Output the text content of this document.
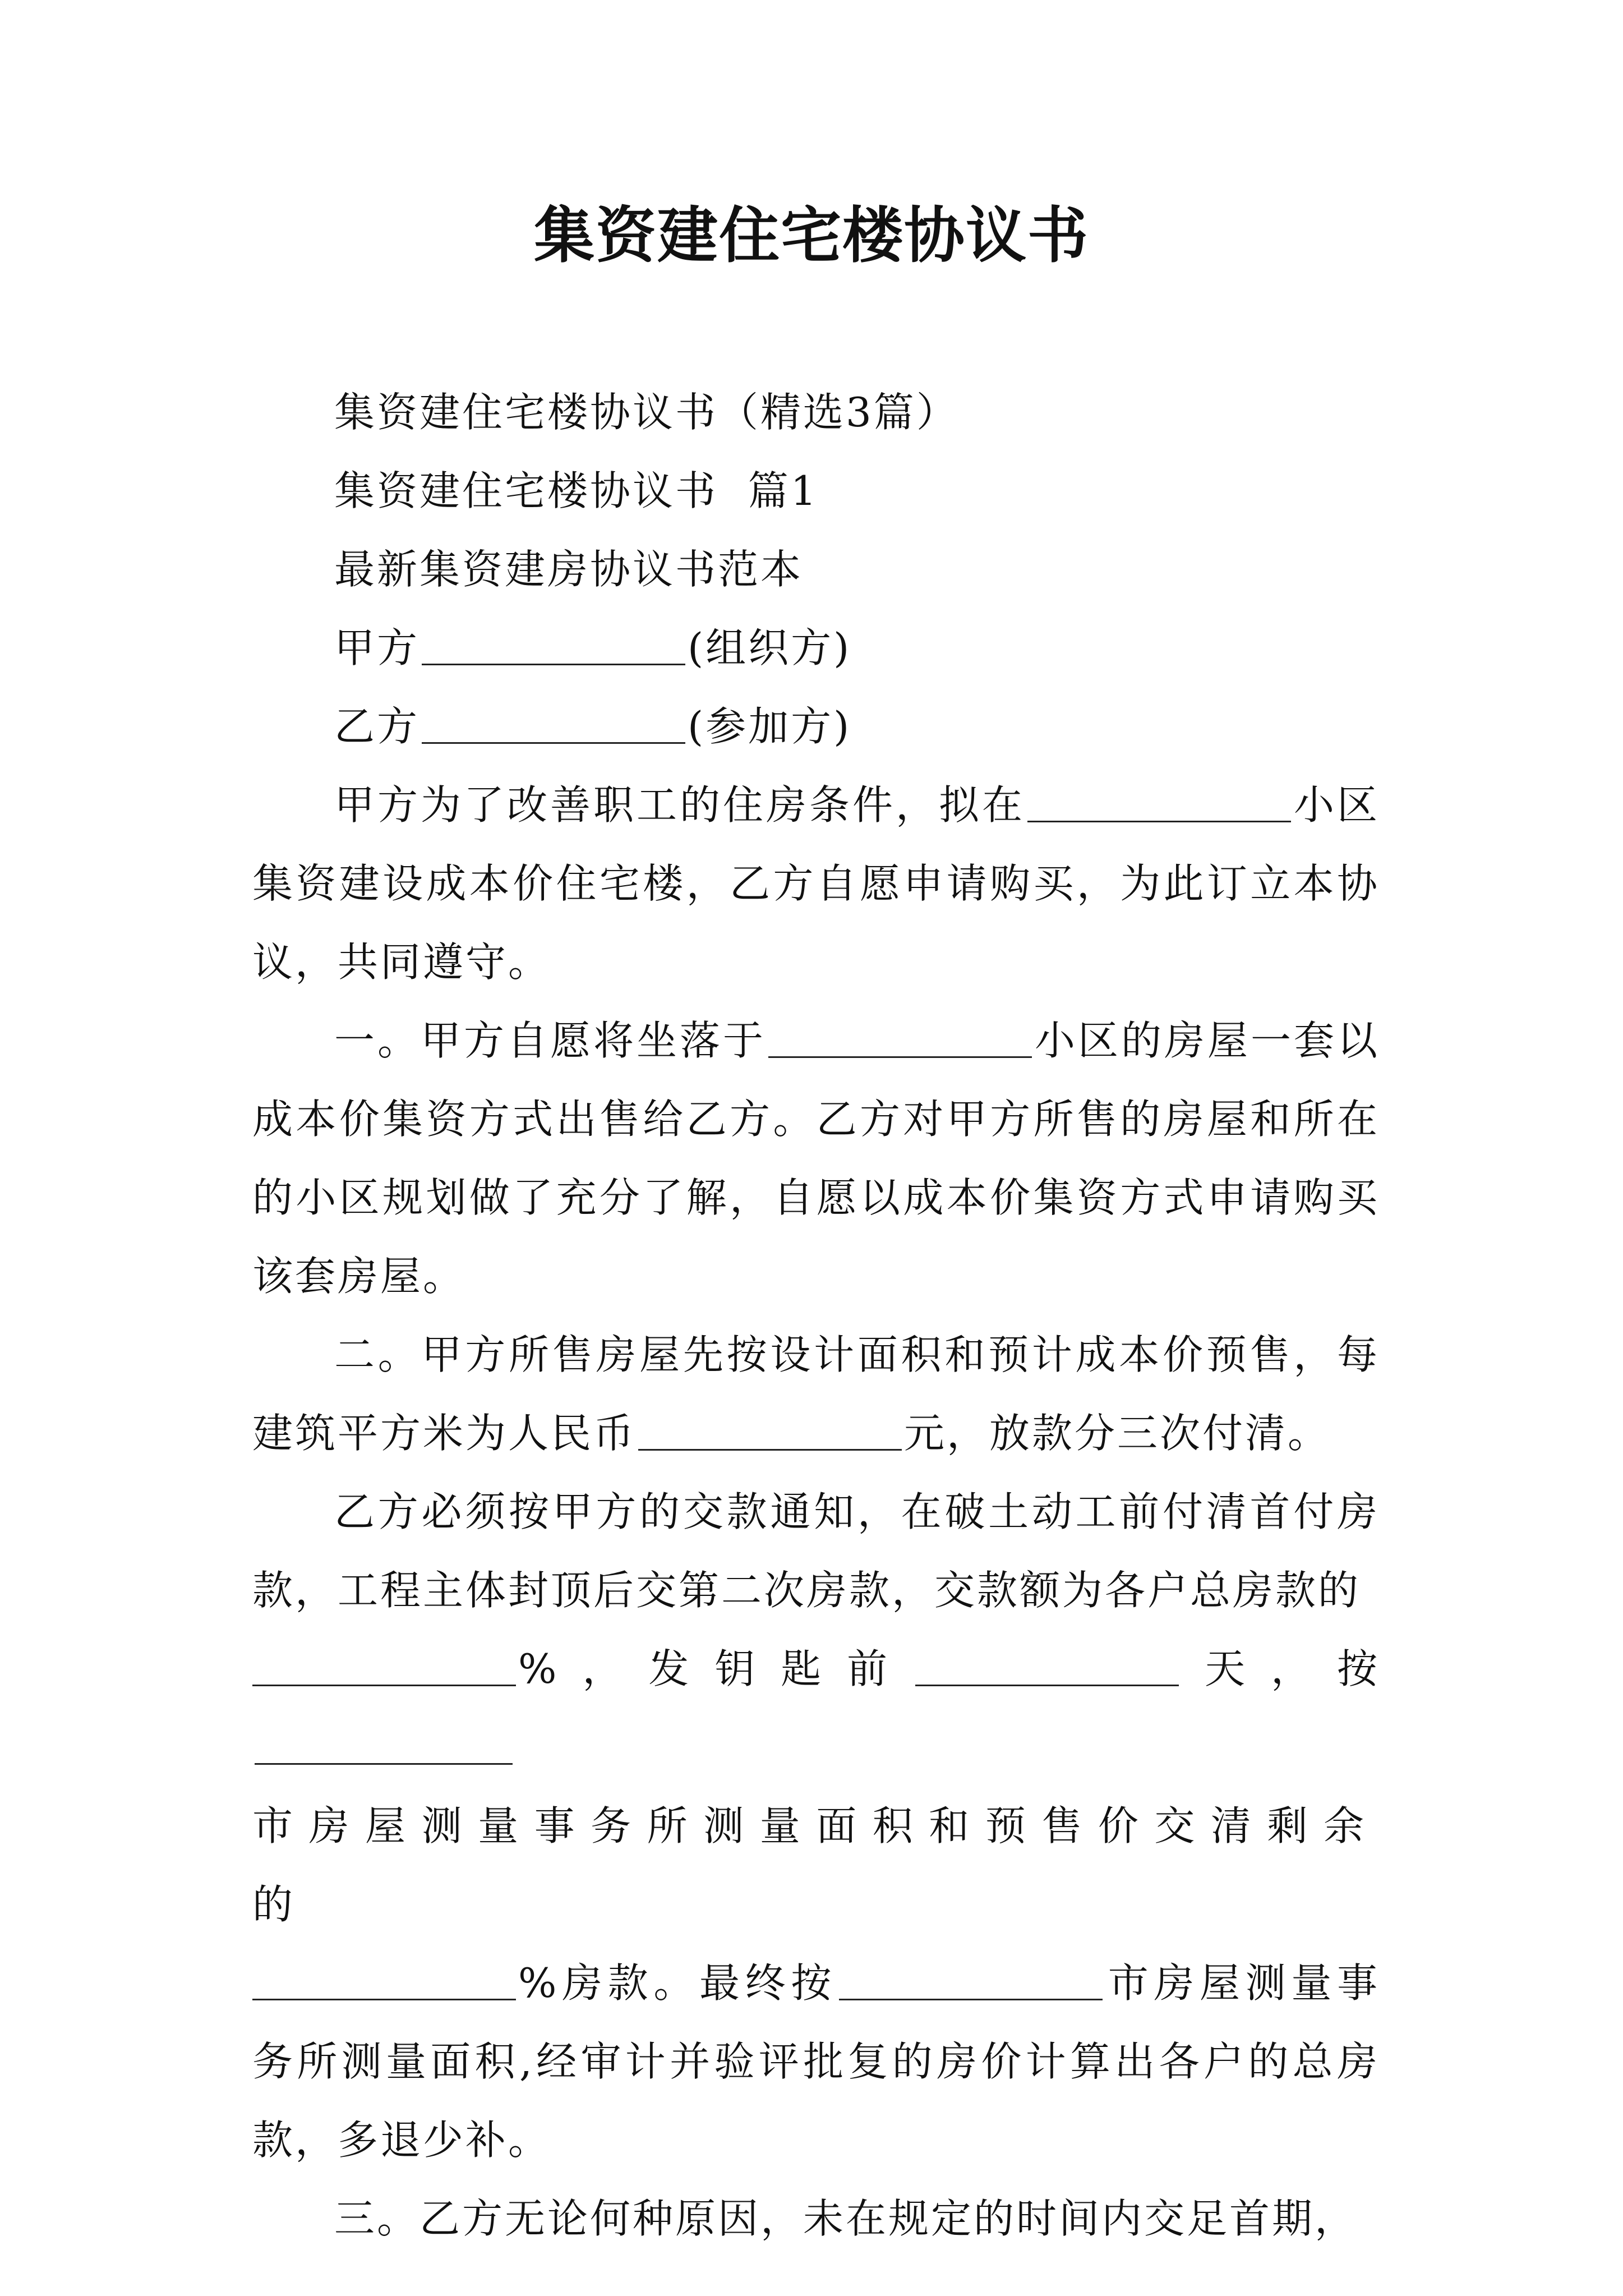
集资建住宅楼协议书

集资建住宅楼协议书（精选3篇）

集资建住宅楼协议书  篇1

最新集资建房协议书范本

甲方	(组织方)

乙方	(参加方)

甲方为了改善职工的住房条件，拟在	小区集资建设成本价住宅楼，乙方自愿申请购买，为此订立本协议，共同遵守。

一。甲方自愿将坐落于	小区的房屋一套以成本价集资方式出售给乙方。乙方对甲方所售的房屋和所在的小区规划做了充分了解，自愿以成本价集资方式申请购买该套房屋。

二。甲方所售房屋先按设计面积和预计成本价预售，每建筑平方米为人民币	元，放款分三次付清。

乙方必须按甲方的交款通知，在破土动工前付清首付房款，工程主体封顶后交第二次房款，交款额为各户总房款的

%，发钥匙前	天，按

市房屋测量事务所测量面积和预售价交清剩余的

%房款。最终按	市房屋测量事务所测量面积,经审计并验评批复的房价计算出各户的总房款，多退少补。

三。乙方无论何种原因，未在规定的时间内交足首期，
